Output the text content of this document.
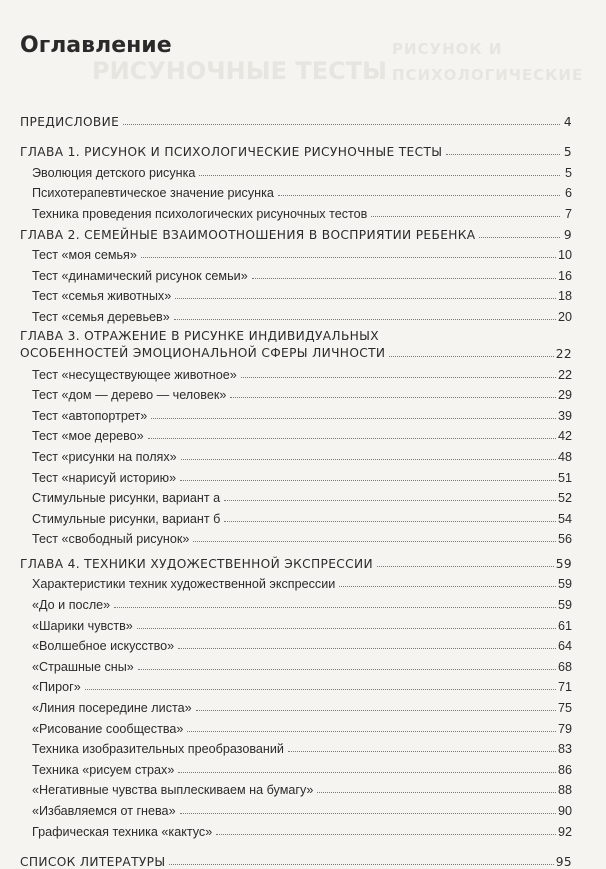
РИСУНОК И ПСИХОЛОГИЧЕСКИЕ
РИСУНОЧНЫЕ ТЕСТЫ
Оглавление
ПРЕДИСЛОВИЕ	4
ГЛАВА 1. РИСУНОК И ПСИХОЛОГИЧЕСКИЕ РИСУНОЧНЫЕ ТЕСТЫ	5
Эволюция детского рисунка	5
Психотерапевтическое значение рисунка	6
Техника проведения психологических рисуночных тестов	7
ГЛАВА 2. СЕМЕЙНЫЕ ВЗАИМООТНОШЕНИЯ В ВОСПРИЯТИИ РЕБЕНКА	9
Тест «моя семья»	10
Тест «динамический рисунок семьи»	16
Тест «семья животных»	18
Тест «семья деревьев»	20
ГЛАВА 3. ОТРАЖЕНИЕ В РИСУНКЕ ИНДИВИДУАЛЬНЫХ
ОСОБЕННОСТЕЙ ЭМОЦИОНАЛЬНОЙ СФЕРЫ ЛИЧНОСТИ	22
Тест «несуществующее животное»	22
Тест «дом — дерево — человек»	29
Тест «автопортрет»	39
Тест «мое дерево»	42
Тест «рисунки на полях»	48
Тест «нарисуй историю»	51
Стимульные рисунки, вариант а	52
Стимульные рисунки, вариант б	54
Тест «свободный рисунок»	56
ГЛАВА 4. ТЕХНИКИ ХУДОЖЕСТВЕННОЙ ЭКСПРЕССИИ	59
Характеристики техник художественной экспрессии	59
«До и после»	59
«Шарики чувств»	61
«Волшебное искусство»	64
«Страшные сны»	68
«Пирог»	71
«Линия посередине листа»	75
«Рисование сообщества»	79
Техника изобразительных преобразований	83
Техника «рисуем страх»	86
«Негативные чувства выплескиваем на бумагу»	88
«Избавляемся от гнева»	90
Графическая техника «кактус»	92
СПИСОК ЛИТЕРАТУРЫ	95
